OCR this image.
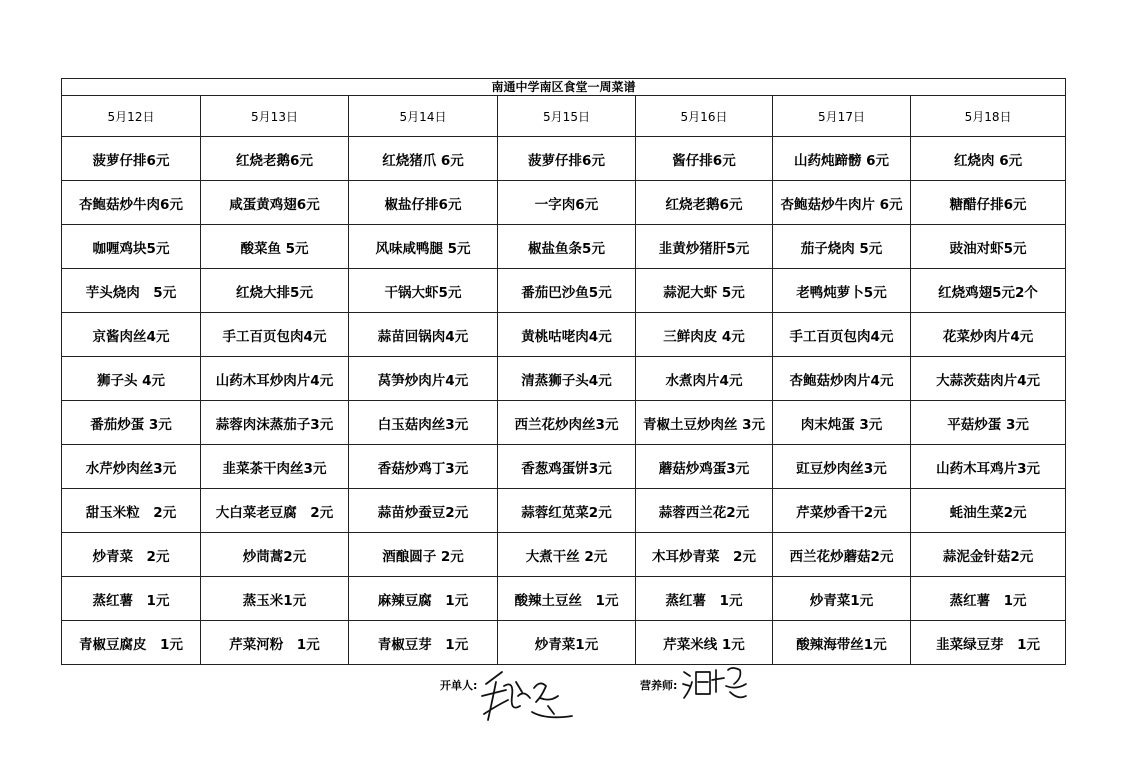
南通中学南区食堂一周菜谱						
5月12日	5月13日	5月14日	5月15日	5月16日	5月17日	5月18日
菠萝仔排6元	红烧老鹅6元	红烧猪爪 6元	菠萝仔排6元	酱仔排6元	山药炖蹄髈 6元	红烧肉 6元
杏鲍菇炒牛肉6元	咸蛋黄鸡翅6元	椒盐仔排6元	一字肉6元	红烧老鹅6元	杏鲍菇炒牛肉片 6元	糖醋仔排6元
咖喱鸡块5元	酸菜鱼 5元	风味咸鸭腿 5元	椒盐鱼条5元	韭黄炒猪肝5元	茄子烧肉 5元	豉油对虾5元
芋头烧肉　5元	红烧大排5元	干锅大虾5元	番茄巴沙鱼5元	蒜泥大虾 5元	老鸭炖萝卜5元	红烧鸡翅5元2个
京酱肉丝4元	手工百页包肉4元	蒜苗回锅肉4元	黄桃咕咾肉4元	三鲜肉皮 4元	手工百页包肉4元	花菜炒肉片4元
狮子头 4元	山药木耳炒肉片4元	莴笋炒肉片4元	清蒸狮子头4元	水煮肉片4元	杏鲍菇炒肉片4元	大蒜茨菇肉片4元
番茄炒蛋 3元	蒜蓉肉沫蒸茄子3元	白玉菇肉丝3元	西兰花炒肉丝3元	青椒土豆炒肉丝 3元	肉末炖蛋 3元	平菇炒蛋 3元
水芹炒肉丝3元	韭菜茶干肉丝3元	香菇炒鸡丁3元	香葱鸡蛋饼3元	蘑菇炒鸡蛋3元	豇豆炒肉丝3元	山药木耳鸡片3元
甜玉米粒　2元	大白菜老豆腐　2元	蒜苗炒蚕豆2元	蒜蓉红苋菜2元	蒜蓉西兰花2元	芹菜炒香干2元	蚝油生菜2元
炒青菜　2元	炒茼蒿2元	酒酿圆子 2元	大煮干丝 2元	木耳炒青菜　2元	西兰花炒蘑菇2元	蒜泥金针菇2元
蒸红薯　1元	蒸玉米1元	麻辣豆腐　1元	酸辣土豆丝　1元	蒸红薯　1元	炒青菜1元	蒸红薯　1元
青椒豆腐皮　1元	芹菜河粉　1元	青椒豆芽　1元	炒青菜1元	芹菜米线 1元	酸辣海带丝1元	韭菜绿豆芽　1元
开单人:	营养师:
